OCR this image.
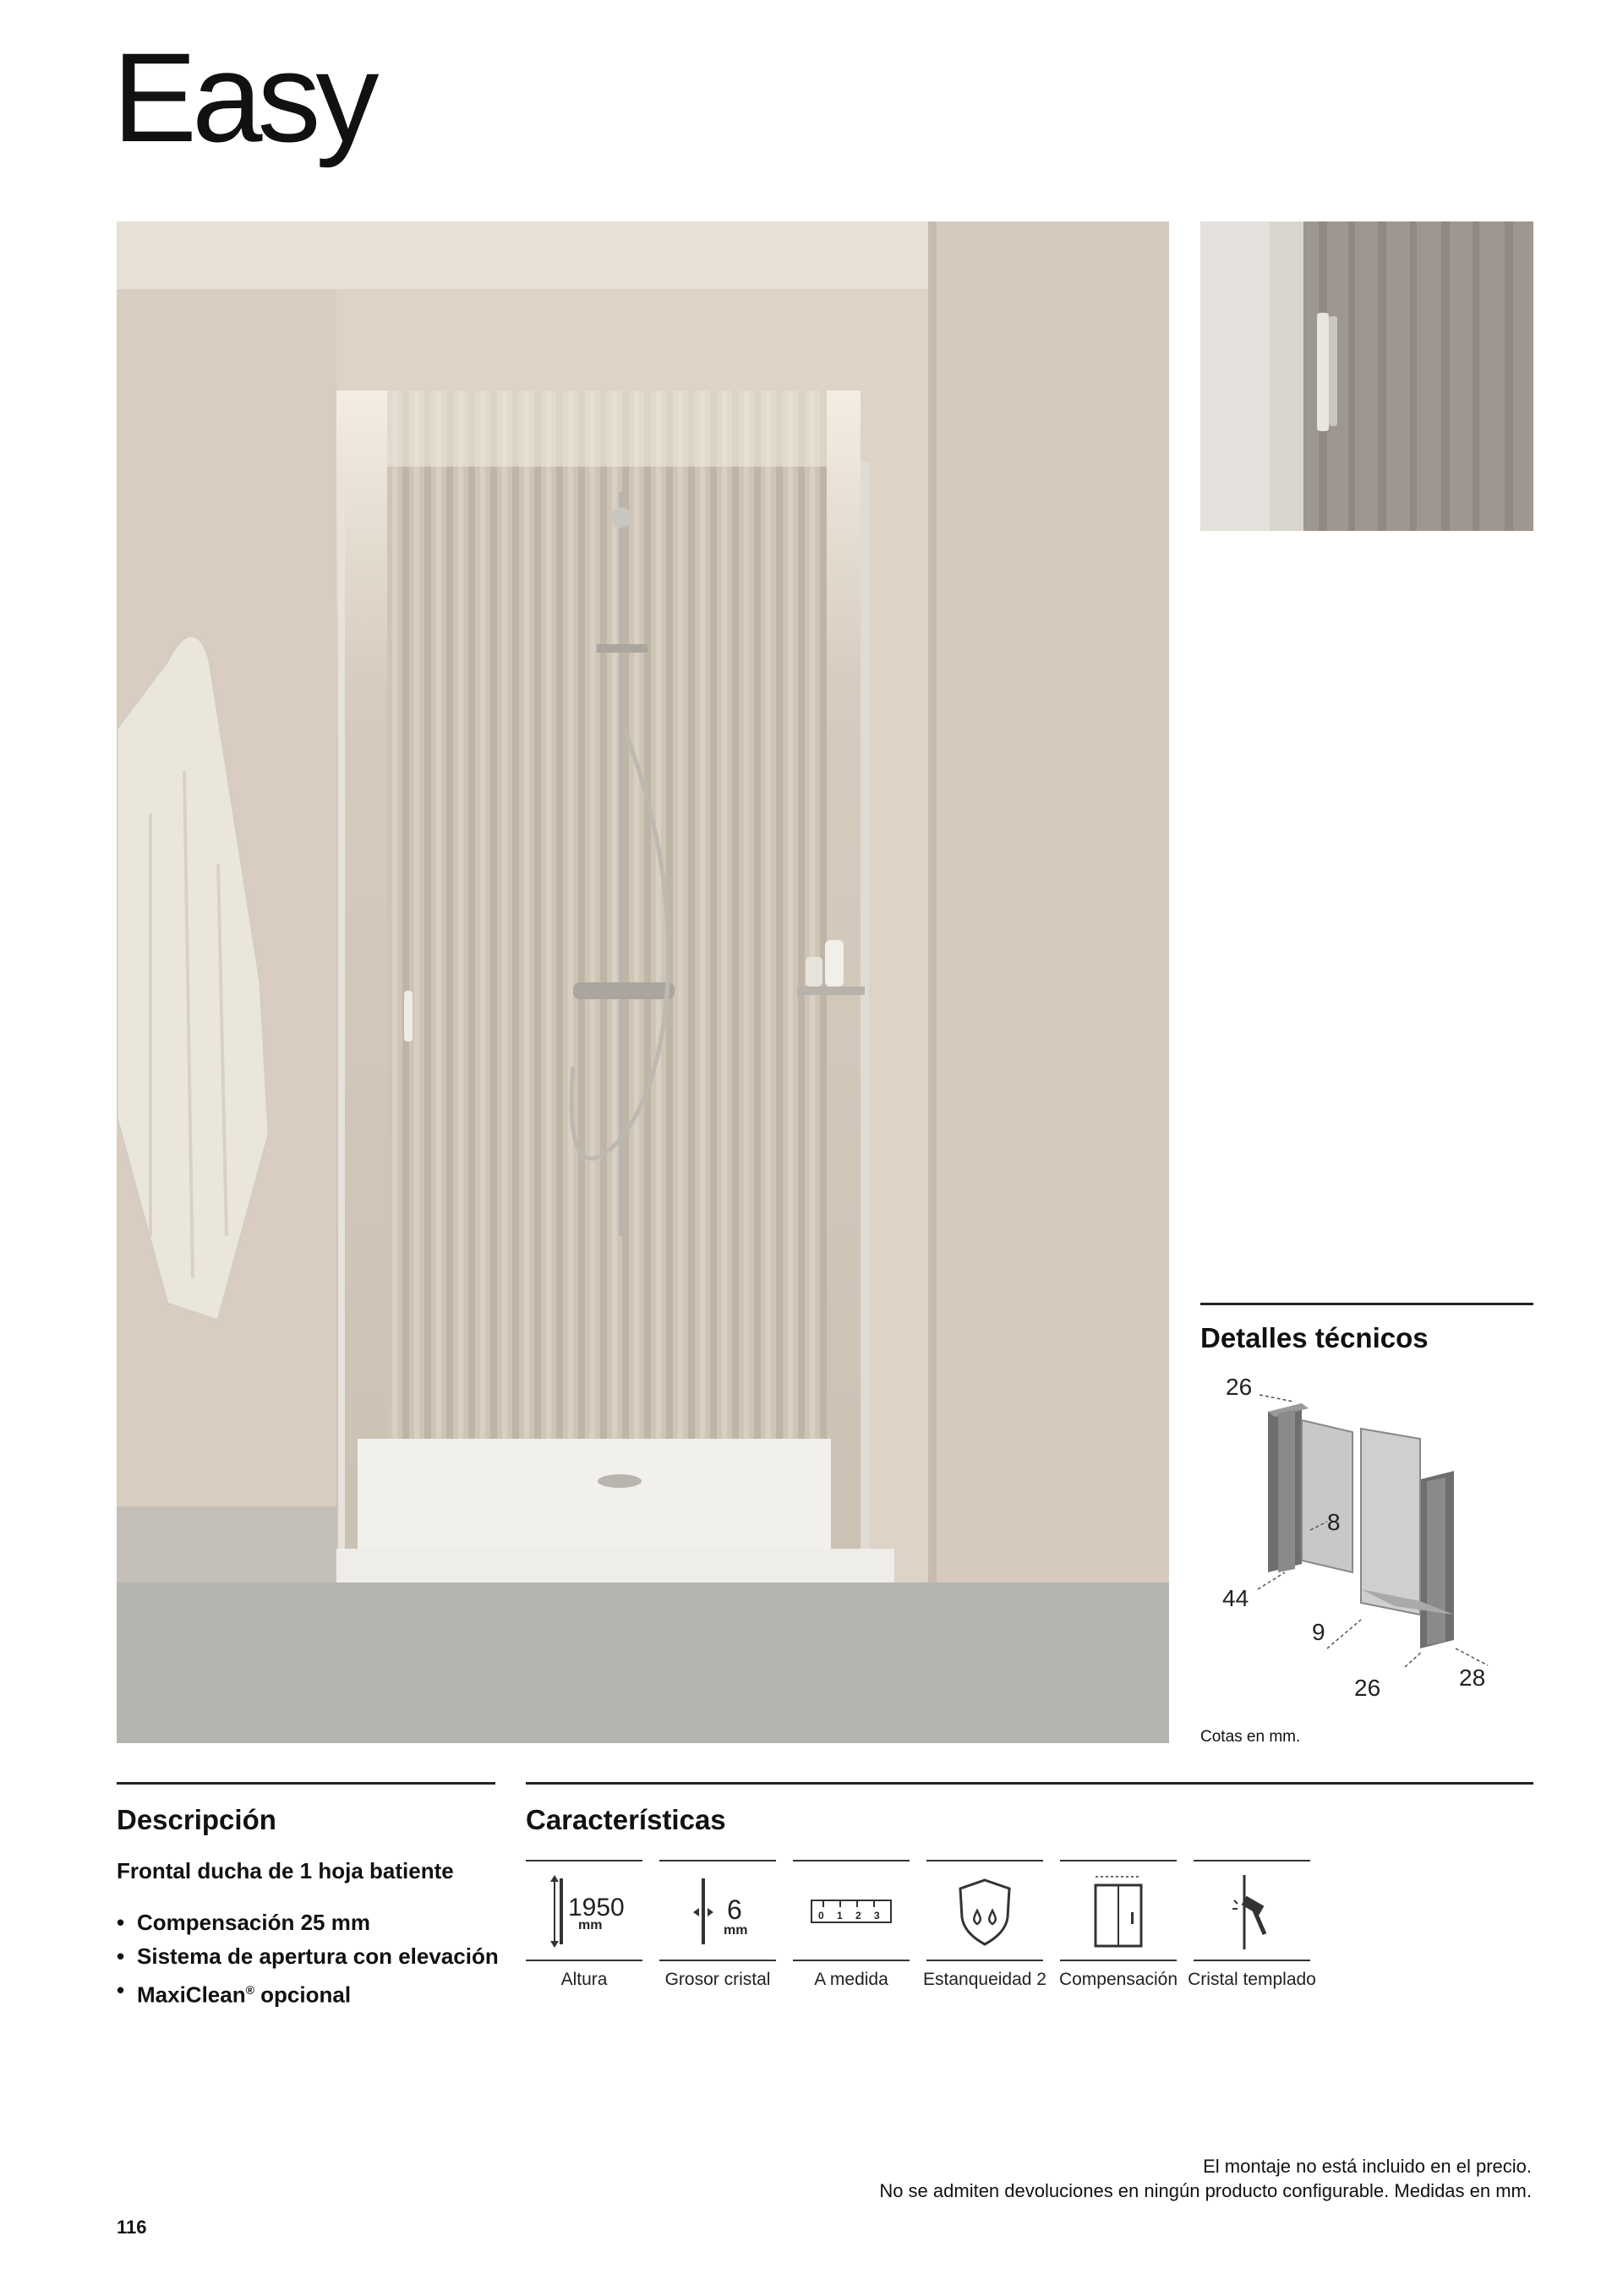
Easy
Detalles técnicos
26
8
44
9
26	28
Cotas en mm.
Descripción
Frontal ducha de 1 hoja batiente
• Compensación 25 mm
• Sistema de apertura con elevación
• MaxiClean® opcional
Características
1950
mm
Altura
6
mm
Grosor cristal
0 1 2 3
A medida	Estanqueidad 2 Compensación Cristal templado
El montaje no está incluido en el precio.
No se admiten devoluciones en ningún producto configurable. Medidas en mm.
116
